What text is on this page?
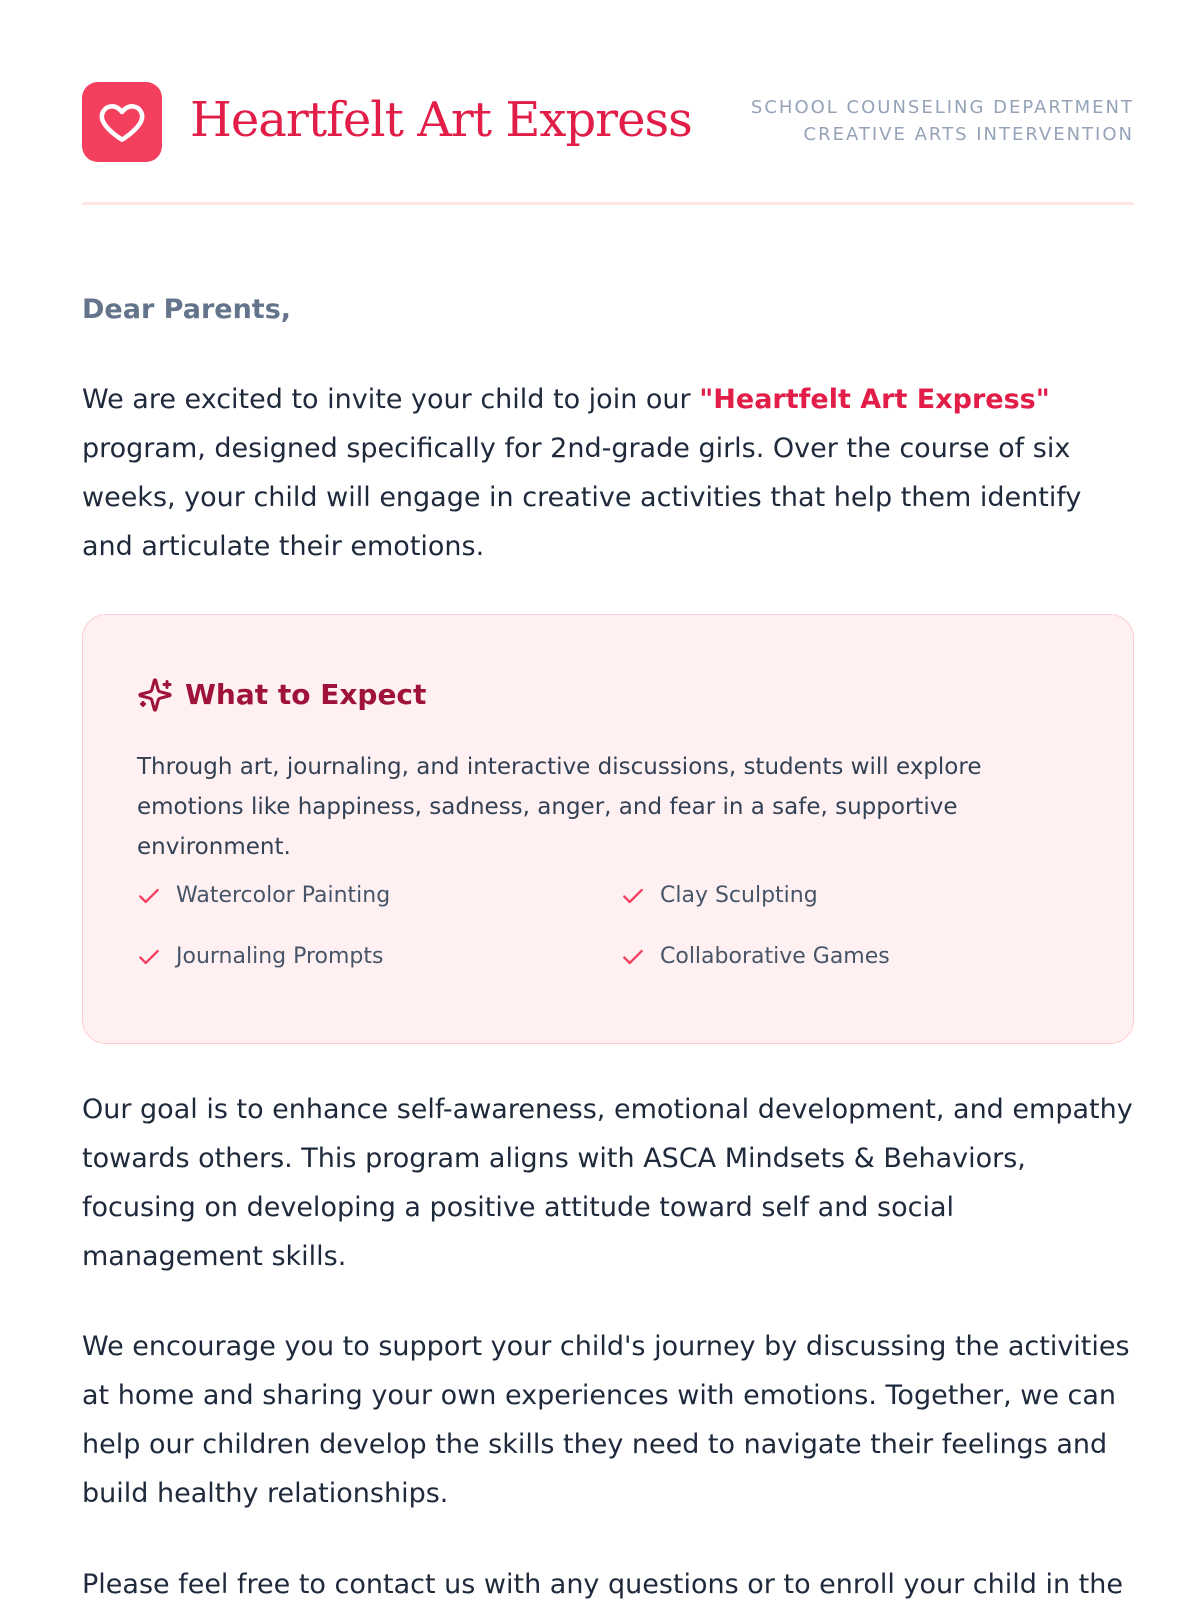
Heartfelt Art Express	SCHOOL COUNSELING DEPARTMENT
CREATIVE ARTS INTERVENTION
Dear Parents,

We are excited to invite your child to join our "Heartfelt Art Express" program, designed specifically for 2nd-grade girls. Over the course of six weeks, your child will engage in creative activities that help them identify and articulate their emotions.

What to Expect

Through art, journaling, and interactive discussions, students will explore emotions like happiness, sadness, anger, and fear in a safe, supportive environment.

Watercolor Painting	Clay Sculpting
Journaling Prompts	Collaborative Games

Our goal is to enhance self-awareness, emotional development, and empathy towards others. This program aligns with ASCA Mindsets & Behaviors, focusing on developing a positive attitude toward self and social management skills.

We encourage you to support your child's journey by discussing the activities at home and sharing your own experiences with emotions. Together, we can help our children develop the skills they need to navigate their feelings and build healthy relationships.

Please feel free to contact us with any questions or to enroll your child in the
